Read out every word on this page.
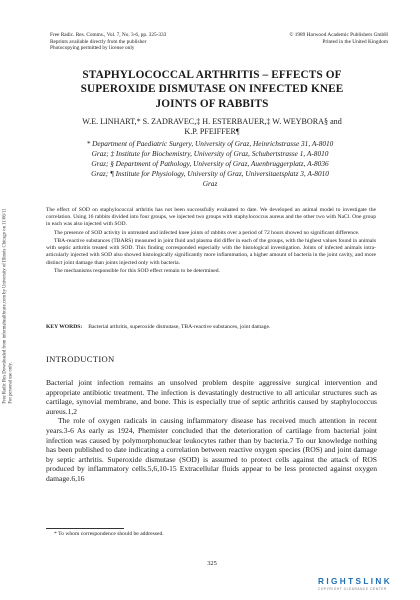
Free Radic. Res. Comms., Vol. 7, No. 3-6, pp. 325-333
Reprints available directly from the publisher
Photocopying permitted by license only
© 1989 Harwood Academic Publishers GmbH
Printed in the United Kingdom
Free Radic Res Downloaded from informahealthcare.com by University of Illinois Chicago on 11/06/11 For personal use only.
STAPHYLOCOCCAL ARTHRITIS – EFFECTS OF
SUPEROXIDE DISMUTASE ON INFECTED KNEE
JOINTS OF RABBITS
W.E. LINHART,* S. ZADRAVEC,‡ H. ESTERBAUER,‡ W. WEYBORA§ and
K.P. PFEIFFER¶
* Department of Paediatric Surgery, University of Graz, Heinrichstrasse 31, A-8010
Graz; ‡ Institute for Biochemistry, University of Graz, Schubertstrasse 1, A-8010
Graz; § Department of Pathology, University of Graz, Auenbruggerplatz, A-8036
Graz; ¶ Institute for Physiology, University of Graz, Universitaetsplatz 3, A-8010
Graz

The effect of SOD on staphylococcal arthritis has not been successfully evaluated to date. We developed an animal model to investigate the correlation. Using 16 rabbits divided into four groups, we injected two groups with staphylococcus aureus and the other two with NaCl. One group in each was also injected with SOD.

The presence of SOD activity in untreated and infected knee joints of rabbits over a period of 72 hours showed no significant difference.

TBA-reactive substances (TBARS) measured in joint fluid and plasma did differ in each of the groups, with the highest values found in animals with septic arthritis treated with SOD. This finding corresponded especially with the histological investigation. Joints of infected animals intra-articularly injected with SOD also showed histologically significantly more inflammation, a higher amount of bacteria in the joint cavity, and more distinct joint damage than joints injected only with bacteria.

The mechanisms responsible for this SOD effect remain to be determined.

KEY WORDS: Bacterial arthritis, superoxide dismutase, TBA-reactive substances, joint damage.
INTRODUCTION

Bacterial joint infection remains an unsolved problem despite aggressive surgical intervention and appropriate antibiotic treatment. The infection is devastatingly destructive to all articular structures such as cartilage, synovial membrane, and bone. This is especially true of septic arthritis caused by staphylococcus aureus.1,2

The role of oxygen radicals in causing inflammatory disease has received much attention in recent years.3-6 As early as 1924, Phemister concluded that the deterioration of cartilage from bacterial joint infection was caused by polymorphonuclear leukocytes rather than by bacteria.7 To our knowledge nothing has been published to date indicating a correlation between reactive oxygen species (ROS) and joint damage by septic arthritis. Superoxide dismutase (SOD) is assumed to protect cells against the attack of ROS produced by inflammatory cells.5,6,10-15 Extracellular fluids appear to be less protected against oxygen damage.6,16

* To whom correspondence should be addressed.
325
RIGHTSLINK
COPYRIGHT CLEARANCE CENTER
